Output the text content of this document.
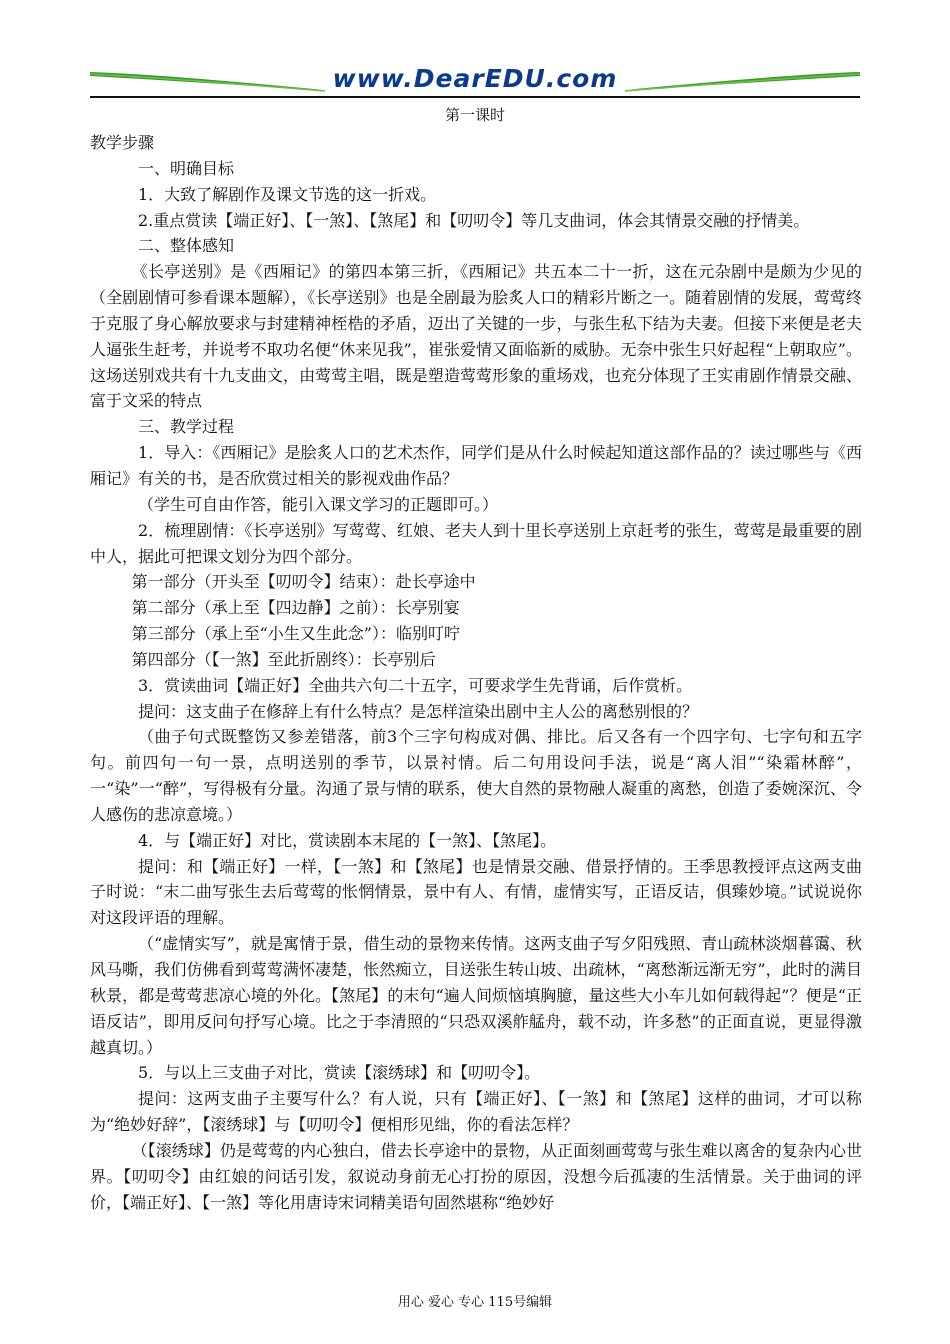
www.DearEDU.com
第一课时

教学步骤

一、明确目标

1．大致了解剧作及课文节选的这一折戏。

2.重点赏读【端正好】、【一煞】、【煞尾】和【叨叨令】等几支曲词，体会其情景交融的抒情美。

二、整体感知

《长亭送别》是《西厢记》的第四本第三折，《西厢记》共五本二十一折，这在元杂剧中是颇为少见的（全剧剧情可参看课本题解），《长亭送别》也是全剧最为脍炙人口的精彩片断之一。随着剧情的发展，莺莺终于克服了身心解放要求与封建精神桎梏的矛盾，迈出了关键的一步，与张生私下结为夫妻。但接下来便是老夫人逼张生赶考，并说考不取功名便“休来见我”，崔张爱情又面临新的威胁。无奈中张生只好起程“上朝取应”。这场送别戏共有十九支曲文，由莺莺主唱，既是塑造莺莺形象的重场戏，也充分体现了王实甫剧作情景交融、富于文采的特点

三、教学过程

1．导入：《西厢记》是脍炙人口的艺术杰作，同学们是从什么时候起知道这部作品的？读过哪些与《西厢记》有关的书，是否欣赏过相关的影视戏曲作品？

（学生可自由作答，能引入课文学习的正题即可。）

2．梳理剧情：《长亭送别》写莺莺、红娘、老夫人到十里长亭送别上京赶考的张生，莺莺是最重要的剧中人，据此可把课文划分为四个部分。

第一部分（开头至【叨叨令】结束）：赴长亭途中

第二部分（承上至【四边静】之前）：长亭别宴

第三部分（承上至“小生又生此念”）：临别叮咛

第四部分（【一煞】至此折剧终）：长亭别后

3．赏读曲词【端正好】全曲共六句二十五字，可要求学生先背诵，后作赏析。

提问：这支曲子在修辞上有什么特点？是怎样渲染出剧中主人公的离愁别恨的？

（曲子句式既整饬又参差错落，前3个三字句构成对偶、排比。后又各有一个四字句、七字句和五字句。前四句一句一景，点明送别的季节，以景衬情。后二句用设问手法，说是“离人泪”“染霜林醉”，一“染”一“醉”，写得极有分量。沟通了景与情的联系，使大自然的景物融人凝重的离愁，创造了委婉深沉、令人感伤的悲凉意境。）

4．与【端正好】对比，赏读剧本末尾的【一煞】、【煞尾】。

提问：和【端正好】一样，【一煞】和【煞尾】也是情景交融、借景抒情的。王季思教授评点这两支曲子时说：“末二曲写张生去后莺莺的怅惘情景，景中有人、有情，虚情实写，正语反诘，俱臻妙境。”试说说你对这段评语的理解。

（“虚情实写”，就是寓情于景，借生动的景物来传情。这两支曲子写夕阳残照、青山疏林淡烟暮霭、秋风马嘶，我们仿佛看到莺莺满怀凄楚，怅然痴立，目送张生转山坡、出疏林，“离愁渐远渐无穷”，此时的满目秋景，都是莺莺悲凉心境的外化。【煞尾】的末句“遍人间烦恼填胸臆，量这些大小车儿如何载得起”？便是“正语反诘”，即用反问句抒写心境。比之于李清照的“只恐双溪舴艋舟，载不动，许多愁”的正面直说，更显得激越真切。）

5．与以上三支曲子对比，赏读【滚绣球】和【叨叨令】。

提问：这两支曲子主要写什么？有人说，只有【端正好】、【一煞】和【煞尾】这样的曲词，才可以称为“绝妙好辞”，【滚绣球】与【叨叨令】便相形见绌，你的看法怎样？

（【滚绣球】仍是莺莺的内心独白，借去长亭途中的景物，从正面刻画莺莺与张生难以离舍的复杂内心世界。【叨叨令】由红娘的问话引发，叙说动身前无心打扮的原因，没想今后孤凄的生活情景。关于曲词的评价，【端正好】、【一煞】等化用唐诗宋词精美语句固然堪称“绝妙好

用心 爱心 专心 115号编辑
